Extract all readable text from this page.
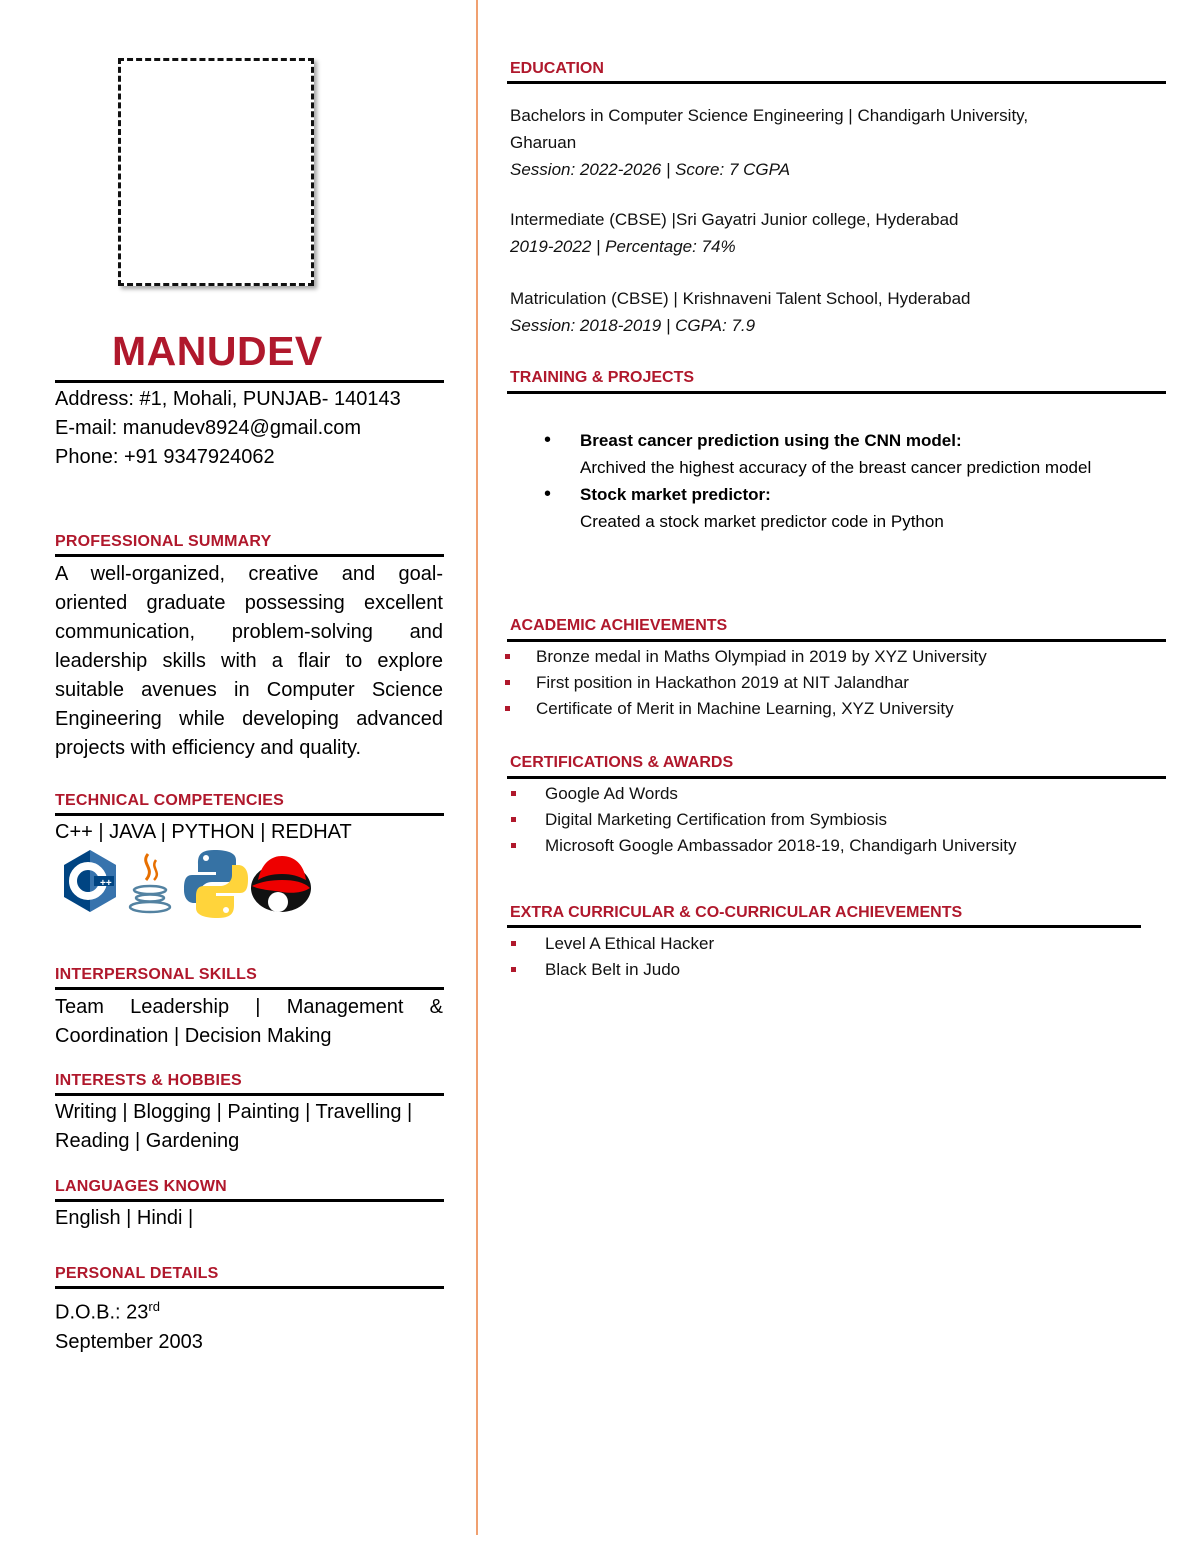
MANUDEV
Address: #1, Mohali, PUNJAB- 140143
E-mail: manudev8924@gmail.com
Phone: +91 9347924062
PROFESSIONAL SUMMARY
A well-organized, creative and goal-oriented graduate possessing excellent communication, problem-solving and leadership skills with a flair to explore suitable avenues in Computer Science Engineering while developing advanced projects with efficiency and quality.
TECHNICAL COMPETENCIES
C++ | JAVA | PYTHON | REDHAT
++
INTERPERSONAL SKILLS
Team Leadership | Management & Coordination | Decision Making
INTERESTS & HOBBIES
Writing | Blogging | Painting | Travelling | Reading | Gardening
LANGUAGES KNOWN
English | Hindi |
PERSONAL DETAILS
D.O.B.: 23rd
September 2003
EDUCATION
Bachelors in Computer Science Engineering | Chandigarh University,
Gharuan
Session: 2022-2026 | Score: 7 CGPA
Intermediate (CBSE) |Sri Gayatri Junior college, Hyderabad
2019-2022 | Percentage: 74%
Matriculation (CBSE) | Krishnaveni Talent School, Hyderabad
Session: 2018-2019 | CGPA: 7.9
TRAINING & PROJECTS
• Breast cancer prediction using the CNN model:
Archived the highest accuracy of the breast cancer prediction model
• Stock market predictor:
Created a stock market predictor code in Python
ACADEMIC ACHIEVEMENTS
Bronze medal in Maths Olympiad in 2019 by XYZ University
First position in Hackathon 2019 at NIT Jalandhar
Certificate of Merit in Machine Learning, XYZ University
CERTIFICATIONS & AWARDS
Google Ad Words
Digital Marketing Certification from Symbiosis
Microsoft Google Ambassador 2018-19, Chandigarh University
EXTRA CURRICULAR & CO-CURRICULAR ACHIEVEMENTS
Level A Ethical Hacker
Black Belt in Judo
